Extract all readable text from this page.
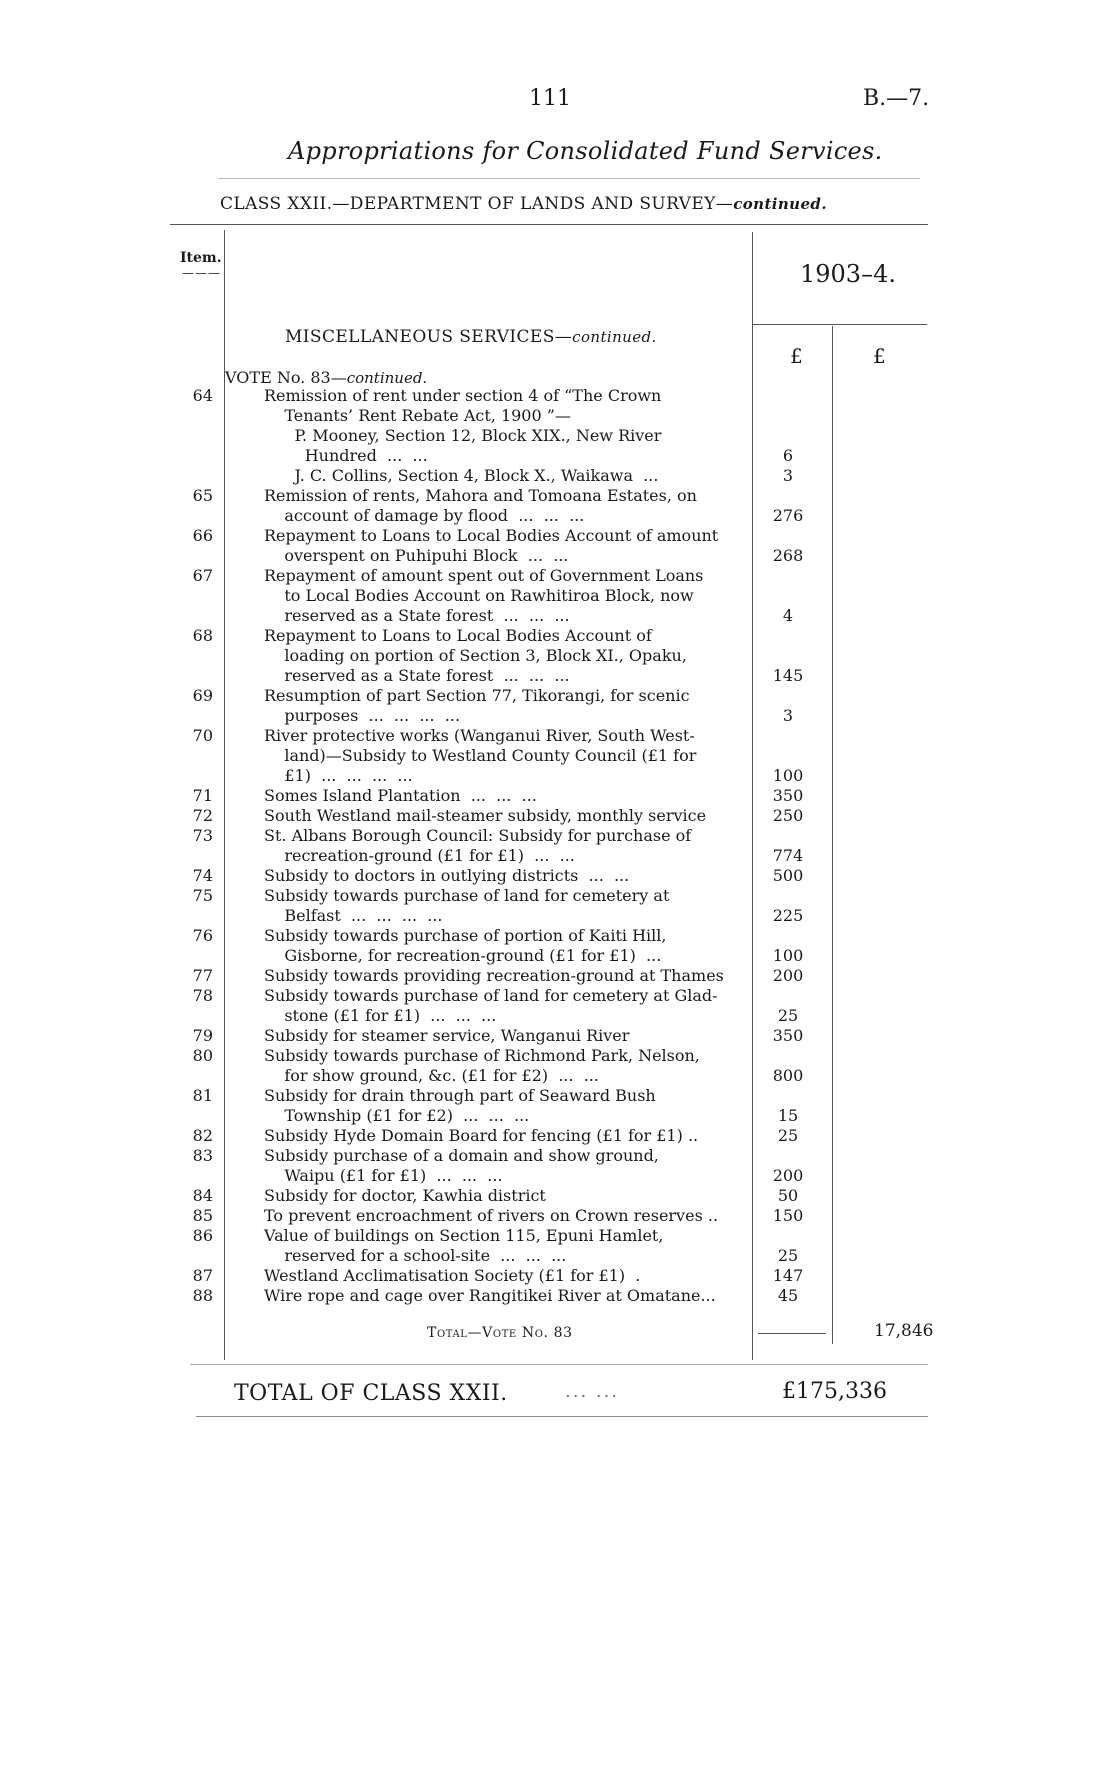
111	B.—7.
Appropriations for Consolidated Fund Services.
CLASS XXII.—DEPARTMENT OF LANDS AND SURVEY—continued.
Item.
———	1903–4.
MISCELLANEOUS SERVICES—continued.
£	£
VOTE No. 83—continued.
64	Remission of rent under section 4 of “The Crown
Tenants’ Rent Rebate Act, 1900 ”—
P. Mooney, Section 12, Block XIX., New River
Hundred  ...  ...	6
J. C. Collins, Section 4, Block X., Waikawa  ...	3
65	Remission of rents, Mahora and Tomoana Estates, on
account of damage by flood  ...  ...  ...	276
66	Repayment to Loans to Local Bodies Account of amount
overspent on Puhipuhi Block  ...  ...	268
67	Repayment of amount spent out of Government Loans
to Local Bodies Account on Rawhitiroa Block, now
reserved as a State forest  ...  ...  ...	4
68	Repayment to Loans to Local Bodies Account of
loading on portion of Section 3, Block XI., Opaku,
reserved as a State forest  ...  ...  ...	145
69	Resumption of part Section 77, Tikorangi, for scenic
purposes  ...  ...  ...  ...	3
70	River protective works (Wanganui River, South West-
land)—Subsidy to Westland County Council (£1 for
£1)  ...  ...  ...  ...	100
71	Somes Island Plantation  ...  ...  ...	350
72	South Westland mail-steamer subsidy, monthly service	250
73	St. Albans Borough Council: Subsidy for purchase of
recreation-ground (£1 for £1)  ...  ...	774
74	Subsidy to doctors in outlying districts  ...  ...	500
75	Subsidy towards purchase of land for cemetery at
Belfast  ...  ...  ...  ...	225
76	Subsidy towards purchase of portion of Kaiti Hill,
Gisborne, for recreation-ground (£1 for £1)  ...	100
77	Subsidy towards providing recreation-ground at Thames	200
78	Subsidy towards purchase of land for cemetery at Glad-
stone (£1 for £1)  ...  ...  ...	25
79	Subsidy for steamer service, Wanganui River	350
80	Subsidy towards purchase of Richmond Park, Nelson,
for show ground, &c. (£1 for £2)  ...  ...	800
81	Subsidy for drain through part of Seaward Bush
Township (£1 for £2)  ...  ...  ...	15
82	Subsidy Hyde Domain Board for fencing (£1 for £1) ..	25
83	Subsidy purchase of a domain and show ground,
Waipu (£1 for £1)  ...  ...  ...	200
84	Subsidy for doctor, Kawhia district	50
85	To prevent encroachment of rivers on Crown reserves ..	150
86	Value of buildings on Section 115, Epuni Hamlet,
reserved for a school-site  ...  ...  ...	25
87	Westland Acclimatisation Society (£1 for £1)  .	147
88	Wire rope and cage over Rangitikei River at Omatane...	45
Total—Vote No. 83	17,846
TOTAL OF CLASS XXII.	... ...	£175,336
